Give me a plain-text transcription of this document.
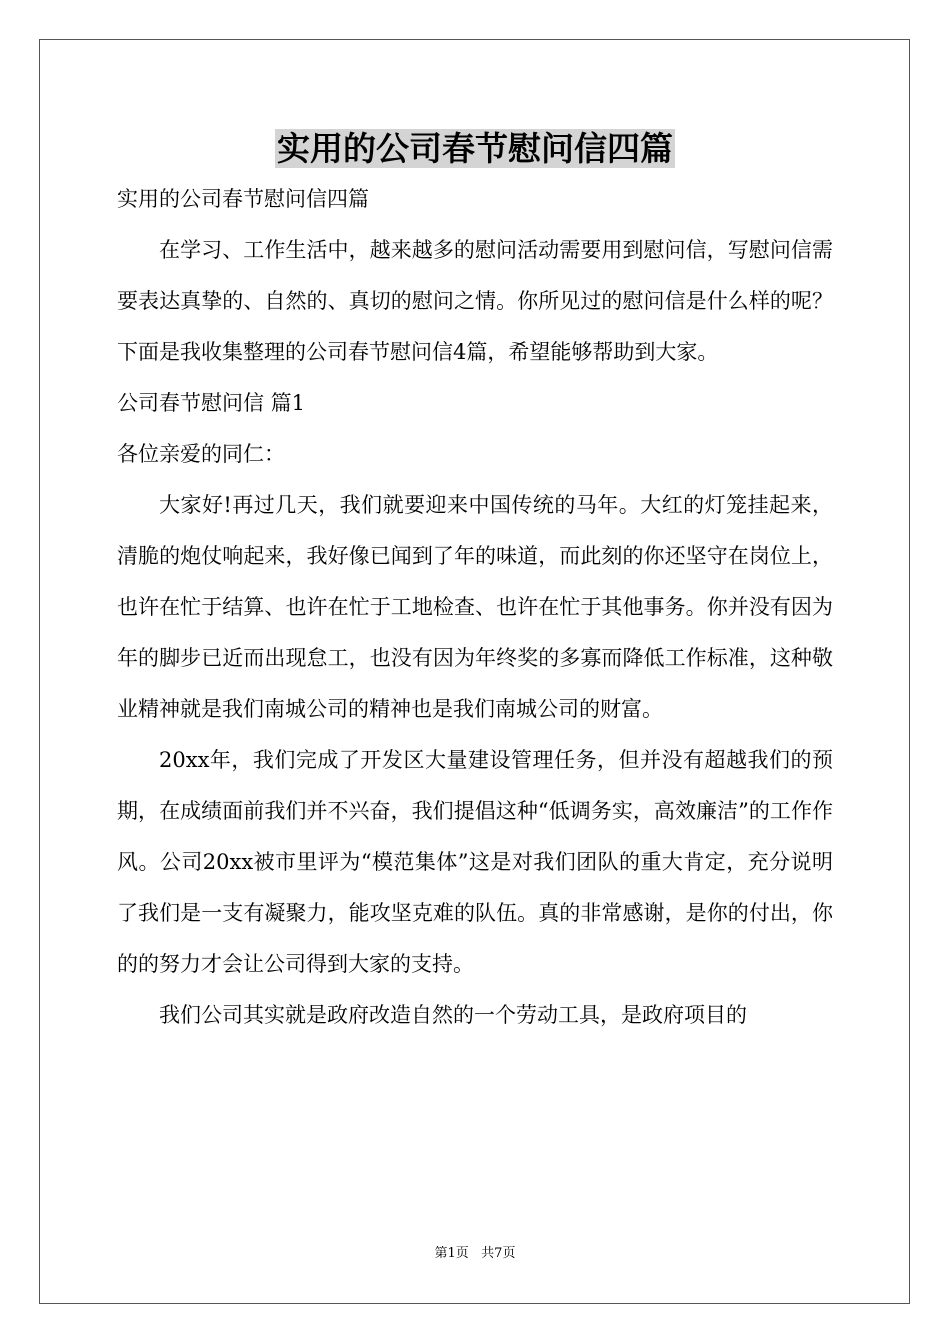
实用的公司春节慰问信四篇

实用的公司春节慰问信四篇

在学习、工作生活中，越来越多的慰问活动需要用到慰问信，写慰问信需要表达真挚的、自然的、真切的慰问之情。你所见过的慰问信是什么样的呢？下面是我收集整理的公司春节慰问信4篇，希望能够帮助到大家。

公司春节慰问信 篇1

各位亲爱的同仁：

大家好!再过几天，我们就要迎来中国传统的马年。大红的灯笼挂起来，清脆的炮仗响起来，我好像已闻到了年的味道，而此刻的你还坚守在岗位上，也许在忙于结算、也许在忙于工地检查、也许在忙于其他事务。你并没有因为年的脚步已近而出现怠工，也没有因为年终奖的多寡而降低工作标准，这种敬业精神就是我们南城公司的精神也是我们南城公司的财富。

20xx年，我们完成了开发区大量建设管理任务，但并没有超越我们的预期，在成绩面前我们并不兴奋，我们提倡这种“低调务实，高效廉洁”的工作作风。公司20xx被市里评为“模范集体”这是对我们团队的重大肯定，充分说明了我们是一支有凝聚力，能攻坚克难的队伍。真的非常感谢，是你的付出，你的的努力才会让公司得到大家的支持。

我们公司其实就是政府改造自然的一个劳动工具，是政府项目的

第1页   共7页
